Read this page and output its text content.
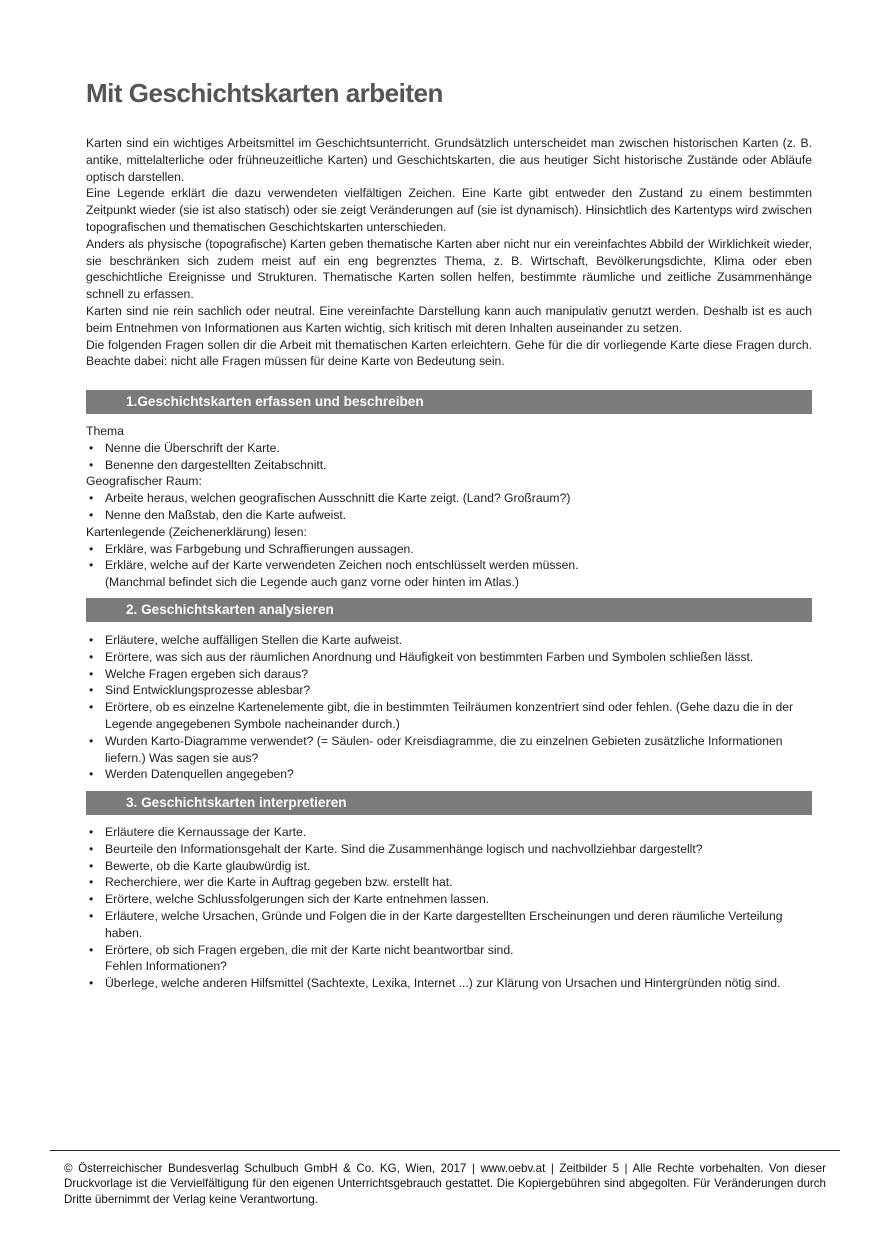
Mit Geschichtskarten arbeiten

Karten sind ein wichtiges Arbeitsmittel im Geschichtsunterricht. Grundsätzlich unterscheidet man zwischen historischen Karten (z. B. antike, mittelalterliche oder frühneuzeitliche Karten) und Geschichtskarten, die aus heutiger Sicht historische Zustände oder Abläufe optisch darstellen.

Eine Legende erklärt die dazu verwendeten vielfältigen Zeichen. Eine Karte gibt entweder den Zustand zu einem bestimmten Zeitpunkt wieder (sie ist also statisch) oder sie zeigt Veränderungen auf (sie ist dynamisch). Hinsichtlich des Kartentyps wird zwischen topografischen und thematischen Geschichtskarten unterschieden.

Anders als physische (topografische) Karten geben thematische Karten aber nicht nur ein vereinfachtes Abbild der Wirklichkeit wieder, sie beschränken sich zudem meist auf ein eng begrenztes Thema, z. B. Wirtschaft, Bevölkerungsdichte, Klima oder eben geschichtliche Ereignisse und Strukturen. Thematische Karten sollen helfen, bestimmte räumliche und zeitliche Zusammenhänge schnell zu erfassen.

Karten sind nie rein sachlich oder neutral. Eine vereinfachte Darstellung kann auch manipulativ genutzt werden. Deshalb ist es auch beim Entnehmen von Informationen aus Karten wichtig, sich kritisch mit deren Inhalten auseinander zu setzen.

Die folgenden Fragen sollen dir die Arbeit mit thematischen Karten erleichtern. Gehe für die dir vorliegende Karte diese Fragen durch. Beachte dabei: nicht alle Fragen müssen für deine Karte von Bedeutung sein.

1.Geschichtskarten erfassen und beschreiben

Thema

• Nenne die Überschrift der Karte.

• Benenne den dargestellten Zeitabschnitt.

Geografischer Raum:

• Arbeite heraus, welchen geografischen Ausschnitt die Karte zeigt. (Land? Großraum?)

• Nenne den Maßstab, den die Karte aufweist.

Kartenlegende (Zeichenerklärung) lesen:

• Erkläre, was Farbgebung und Schraffierungen aussagen.

• Erkläre, welche auf der Karte verwendeten Zeichen noch entschlüsselt werden müssen.
(Manchmal befindet sich die Legende auch ganz vorne oder hinten im Atlas.)
2. Geschichtskarten analysieren

• Erläutere, welche auffälligen Stellen die Karte aufweist.

• Erörtere, was sich aus der räumlichen Anordnung und Häufigkeit von bestimmten Farben und Symbolen schließen lässt.

• Welche Fragen ergeben sich daraus?

• Sind Entwicklungsprozesse ablesbar?

• Erörtere, ob es einzelne Kartenelemente gibt, die in bestimmten Teilräumen konzentriert sind oder fehlen. (Gehe dazu die in der Legende angegebenen Symbole nacheinander durch.)

• Wurden Karto-Diagramme verwendet? (= Säulen- oder Kreisdiagramme, die zu einzelnen Gebieten zusätzliche Informationen liefern.) Was sagen sie aus?

• Werden Datenquellen angegeben?

3. Geschichtskarten interpretieren

• Erläutere die Kernaussage der Karte.

• Beurteile den Informationsgehalt der Karte. Sind die Zusammenhänge logisch und nachvollziehbar dargestellt?

• Bewerte, ob die Karte glaubwürdig ist.

• Recherchiere, wer die Karte in Auftrag gegeben bzw. erstellt hat.

• Erörtere, welche Schlussfolgerungen sich der Karte entnehmen lassen.

• Erläutere, welche Ursachen, Gründe und Folgen die in der Karte dargestellten Erscheinungen und deren räumliche Verteilung haben.

• Erörtere, ob sich Fragen ergeben, die mit der Karte nicht beantwortbar sind.
Fehlen Informationen?

• Überlege, welche anderen Hilfsmittel (Sachtexte, Lexika, Internet ...) zur Klärung von Ursachen und Hintergründen nötig sind.

© Österreichischer Bundesverlag Schulbuch GmbH & Co. KG, Wien, 2017 | www.oebv.at | Zeitbilder 5 | Alle Rechte vorbehalten. Von dieser Druckvorlage ist die Vervielfältigung für den eigenen Unterrichtsgebrauch gestattet. Die Kopiergebühren sind abgegolten. Für Veränderungen durch Dritte übernimmt der Verlag keine Verantwortung.
